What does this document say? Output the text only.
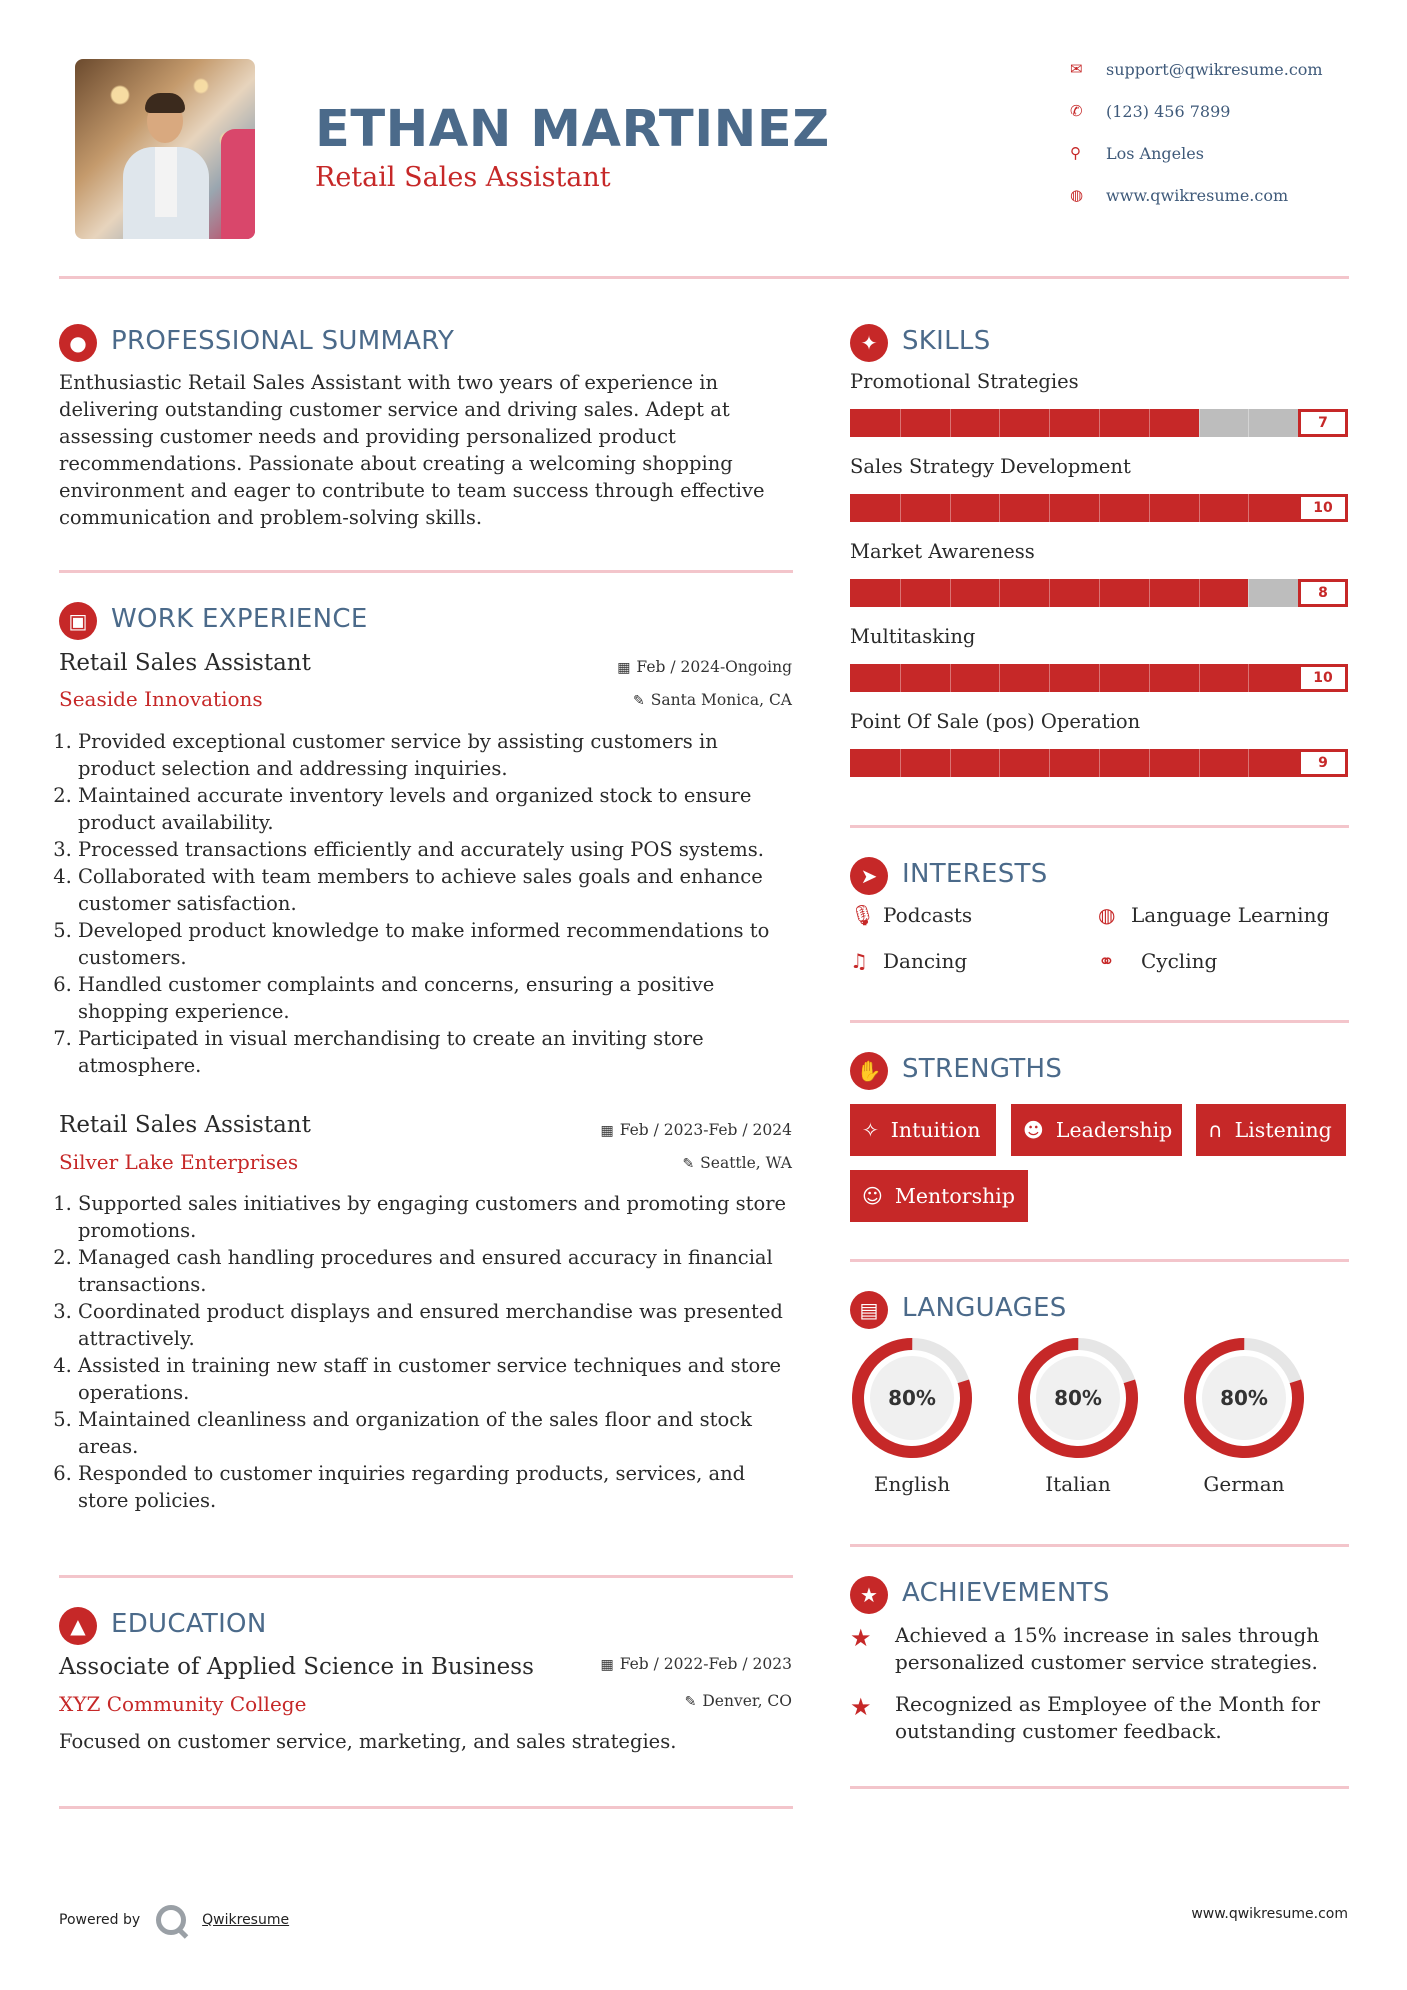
ETHAN MARTINEZ
Retail Sales Assistant
✉	support@qwikresume.com
✆	(123) 456 7899
⚲	Los Angeles
◍	www.qwikresume.com
● PROFESSIONAL SUMMARY
Enthusiastic Retail Sales Assistant with two years of experience in delivering outstanding customer service and driving sales. Adept at assessing customer needs and providing personalized product recommendations. Passionate about creating a welcoming shopping environment and eager to contribute to team success through effective communication and problem-solving skills.
▣ WORK EXPERIENCE
Retail Sales Assistant	▦ Feb / 2024-Ongoing
Seaside Innovations	✎ Santa Monica, CA
1. Provided exceptional customer service by assisting customers in product selection and addressing inquiries.
2. Maintained accurate inventory levels and organized stock to ensure product availability.
3. Processed transactions efficiently and accurately using POS systems.
4. Collaborated with team members to achieve sales goals and enhance customer satisfaction.
5. Developed product knowledge to make informed recommendations to customers.
6. Handled customer complaints and concerns, ensuring a positive shopping experience.
7. Participated in visual merchandising to create an inviting store atmosphere.
Retail Sales Assistant	▦ Feb / 2023-Feb / 2024
Silver Lake Enterprises	✎ Seattle, WA
1. Supported sales initiatives by engaging customers and promoting store promotions.
2. Managed cash handling procedures and ensured accuracy in financial transactions.
3. Coordinated product displays and ensured merchandise was presented attractively.
4. Assisted in training new staff in customer service techniques and store operations.
5. Maintained cleanliness and organization of the sales floor and stock areas.
6. Responded to customer inquiries regarding products, services, and store policies.
▲ EDUCATION
Associate of Applied Science in Business	▦ Feb / 2022-Feb / 2023
XYZ Community College	✎ Denver, CO
Focused on customer service, marketing, and sales strategies.
✦ SKILLS
Promotional Strategies
7
Sales Strategy Development
10
Market Awareness
8
Multitasking
10
Point Of Sale (pos) Operation
9
➤ INTERESTS
🎙 Podcasts	◍ Language Learning
♫ Dancing	⚭	Cycling
✋ STRENGTHS
✧ Intuition ☻ Leadership ∩ Listening
☺ Mentorship
▤ LANGUAGES
80%
English
80%
Italian
80%
German
★ ACHIEVEMENTS
★	Achieved a 15% increase in sales through personalized customer service strategies.
★	Recognized as Employee of the Month for outstanding customer feedback.
Powered by	Qwikresume	www.qwikresume.com
